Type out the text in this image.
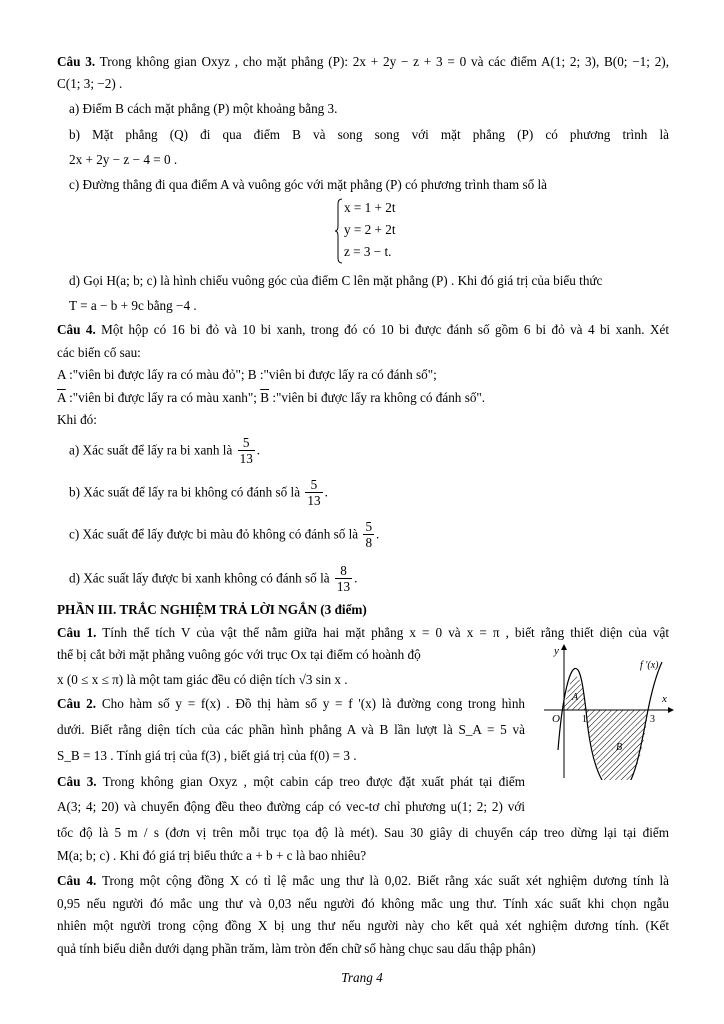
Câu 3. Trong không gian Oxyz , cho mặt phẳng (P): 2x + 2y − z + 3 = 0 và các điểm A(1; 2; 3), B(0; −1; 2),
C(1; 3; −2) .
a) Điểm B cách mặt phẳng (P) một khoảng bằng 3.
b) Mặt phẳng (Q) đi qua điểm B và song song với mặt phẳng (P) có phương trình là
2x + 2y − z − 4 = 0 .
c) Đường thẳng đi qua điểm A và vuông góc với mặt phẳng (P) có phương trình tham số là
x = 1 + 2t
y = 2 + 2t
z = 3 − t.
d) Gọi H(a; b; c) là hình chiếu vuông góc của điểm C lên mặt phẳng (P) . Khi đó giá trị của biểu thức
T = a − b + 9c bằng −4 .
Câu 4. Một hộp có 16 bi đỏ và 10 bi xanh, trong đó có 10 bi được đánh số gồm 6 bi đỏ và 4 bi xanh. Xét
các biến cố sau:
A :"viên bi được lấy ra có màu đỏ"; B :"viên bi được lấy ra có đánh số";
$\overline{A}$ :"viên bi được lấy ra có màu xanh"; $\overline{B}$ :"viên bi được lấy ra không có đánh số".
Khi đó:
a) Xác suất để lấy ra bi xanh là $\frac{5}{13}$ .
b) Xác suất để lấy ra bi không có đánh số là $\frac{5}{13}$ .
c) Xác suất để lấy được bi màu đỏ không có đánh số là $\frac{5}{8}$ .
d) Xác suất lấy được bi xanh không có đánh số là $\frac{8}{13}$ .
PHẦN III. TRẮC NGHIỆM TRẢ LỜI NGẮN (3 điểm)
Câu 1. Tính thể tích V của vật thể nằm giữa hai mặt phẳng x = 0 và x = π , biết rằng thiết diện của vật
thể bị cắt bởi mặt phẳng vuông góc với trục Ox tại điểm có hoành độ
x (0 ≤ x ≤ π) là một tam giác đều có diện tích √3 sin x .
Câu 2. Cho hàm số y = f(x) . Đồ thị hàm số y = f '(x) là đường cong trong hình
dưới. Biết rằng diện tích của các phần hình phẳng A và B lần lượt là S_A = 5 và
S_B = 13 . Tính giá trị của f(3) , biết giá trị của f(0) = 3 .
Câu 3. Trong không gian Oxyz , một cabin cáp treo được đặt xuất phát tại điểm
A(3; 4; 20) và chuyển động đều theo đường cáp có vec-tơ chỉ phương u(1; 2; 2) với
tốc độ là 5 m / s (đơn vị trên mỗi trục tọa độ là mét). Sau 30 giây di chuyển cáp treo dừng lại tại điểm
M(a; b; c) . Khi đó giá trị biểu thức a + b + c là bao nhiêu?
Câu 4. Trong một cộng đồng X có tỉ lệ mắc ung thư là 0,02. Biết rằng xác suất xét nghiệm dương tính là
0,95 nếu người đó mắc ung thư và 0,03 nếu người đó không mắc ung thư. Tính xác suất khi chọn ngẫu
nhiên một người trong cộng đồng X bị ung thư nếu người này cho kết quả xét nghiệm dương tính. (Kết
quả tính biểu diễn dưới dạng phần trăm, làm tròn đến chữ số hàng chục sau dấu thập phân)
y
x
f '(x)
O 1	3
A
B
Trang 4
